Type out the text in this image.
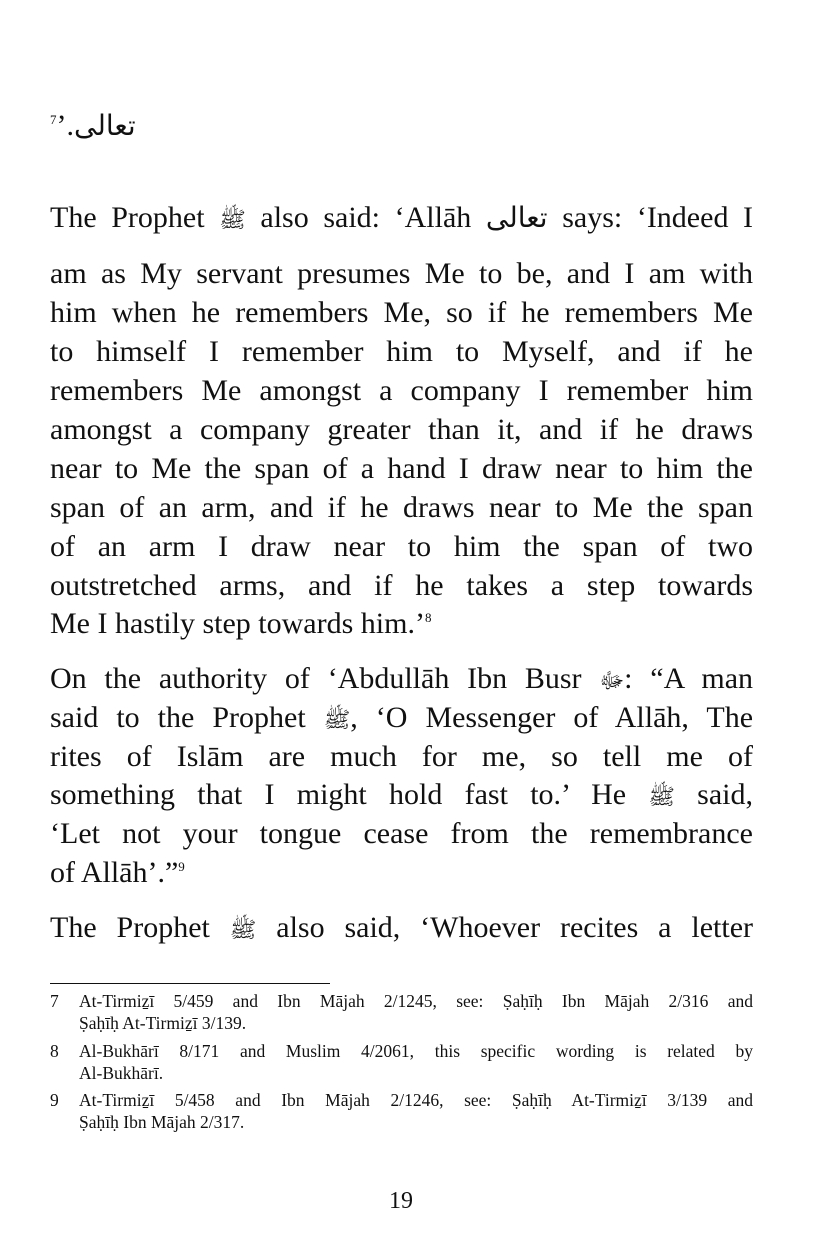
تعالى.’$^7$
The Prophet ﷺ also said: ‘Allāh تعالى says: ‘Indeed I
am as My servant presumes Me to be, and I am with
him when he remembers Me, so if he remembers Me
to himself I remember him to Myself, and if he
remembers Me amongst a company I remember him
amongst a company greater than it, and if he draws
near to Me the span of a hand I draw near to him the
span of an arm, and if he draws near to Me the span
of an arm I draw near to him the span of two
outstretched arms, and if he takes a step towards
Me I hastily step towards him.’$^8$
On the authority of ‘Abdullāh Ibn Busr ﷻ: “A man
said to the Prophet ﷺ, ‘O Messenger of Allāh, The
rites of Islām are much for me, so tell me of
something that I might hold fast to.’ He ﷺ said,
‘Let not your tongue cease from the remembrance
of Allāh’.”$^9$
The Prophet ﷺ also said, ‘Whoever recites a letter
7 At-Tirmiẕī 5/459 and Ibn Mājah 2/1245, see: Ṣaḥīḥ Ibn Mājah 2/316 and
Ṣaḥīḥ At-Tirmiẕī 3/139.
8 Al-Bukhārī 8/171 and Muslim 4/2061, this specific wording is related by
Al-Bukhārī.
9 At-Tirmiẕī 5/458 and Ibn Mājah 2/1246, see: Ṣaḥīḥ At-Tirmiẕī 3/139 and
Ṣaḥīḥ Ibn Mājah 2/317.
19
